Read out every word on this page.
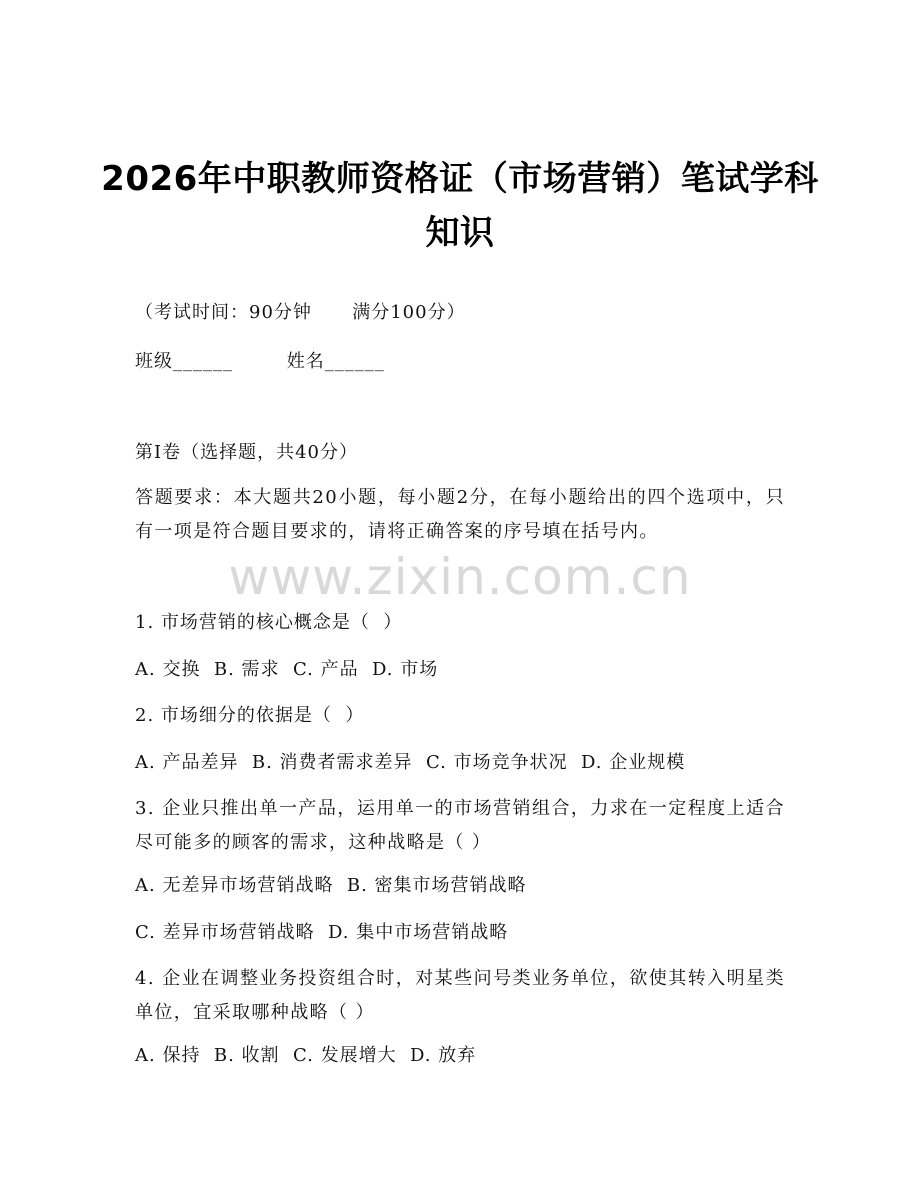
2026年中职教师资格证（市场营销）笔试学科知识
（考试时间：90分钟      满分100分）
班级______        姓名______
第I卷（选择题，共40分）
答题要求：本大题共20小题，每小题2分，在每小题给出的四个选项中，只有一项是符合题目要求的，请将正确答案的序号填在括号内。
www.zixin.com.cn
1. 市场营销的核心概念是（  ）
A. 交换  B. 需求  C. 产品  D. 市场
2. 市场细分的依据是（  ）
A. 产品差异  B. 消费者需求差异  C. 市场竞争状况  D. 企业规模
3. 企业只推出单一产品，运用单一的市场营销组合，力求在一定程度上适合尽可能多的顾客的需求，这种战略是（ ）
A. 无差异市场营销战略  B. 密集市场营销战略
C. 差异市场营销战略  D. 集中市场营销战略
4. 企业在调整业务投资组合时，对某些问号类业务单位，欲使其转入明星类单位，宜采取哪种战略（ ）
A. 保持  B. 收割  C. 发展增大  D. 放弃
